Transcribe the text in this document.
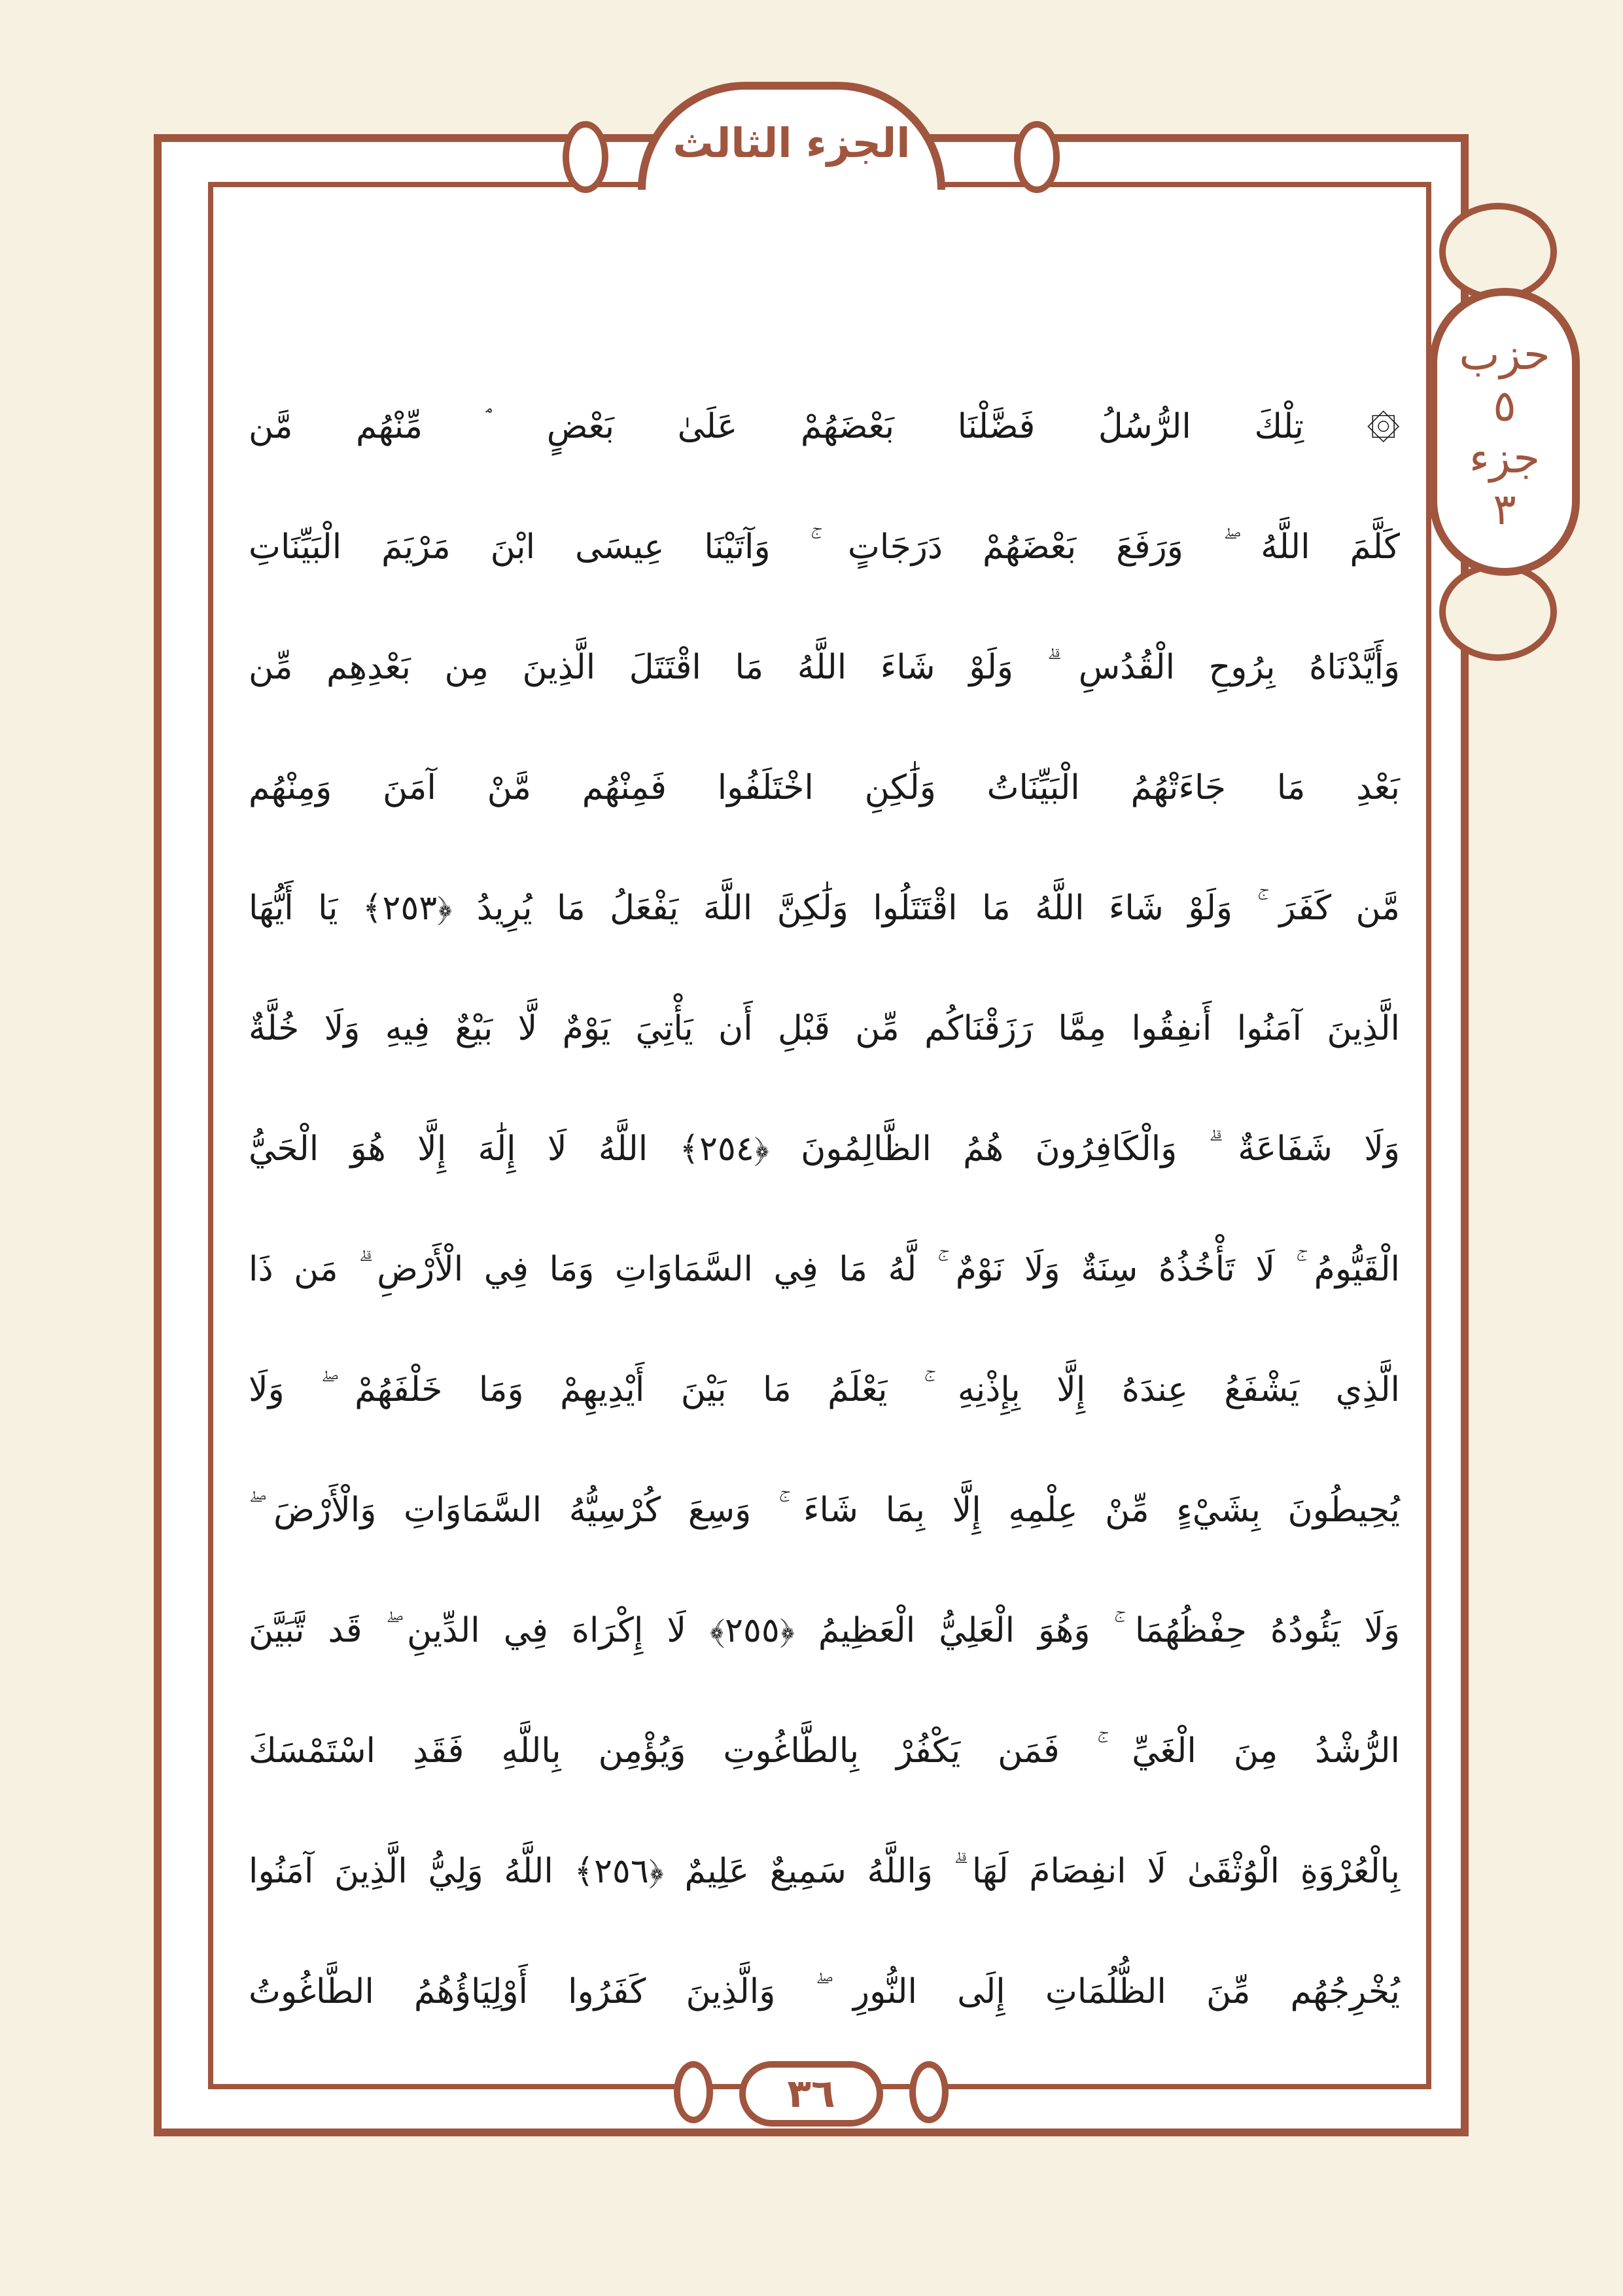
الجزء الثالث
حزب
٥
جزء
٣
۞ تِلْكَ الرُّسُلُ فَضَّلْنَا بَعْضَهُمْ عَلَىٰ بَعْضٍ ۘ مِّنْهُم مَّن
كَلَّمَ اللَّهُ ۖ وَرَفَعَ بَعْضَهُمْ دَرَجَاتٍ ۚ وَآتَيْنَا عِيسَى ابْنَ مَرْيَمَ الْبَيِّنَاتِ
وَأَيَّدْنَاهُ بِرُوحِ الْقُدُسِ ۗ وَلَوْ شَاءَ اللَّهُ مَا اقْتَتَلَ الَّذِينَ مِن بَعْدِهِم مِّن
بَعْدِ مَا جَاءَتْهُمُ الْبَيِّنَاتُ وَلَٰكِنِ اخْتَلَفُوا فَمِنْهُم مَّنْ آمَنَ وَمِنْهُم
مَّن كَفَرَ ۚ وَلَوْ شَاءَ اللَّهُ مَا اقْتَتَلُوا وَلَٰكِنَّ اللَّهَ يَفْعَلُ مَا يُرِيدُ ﴿٢٥٣﴾ يَا أَيُّهَا
الَّذِينَ آمَنُوا أَنفِقُوا مِمَّا رَزَقْنَاكُم مِّن قَبْلِ أَن يَأْتِيَ يَوْمٌ لَّا بَيْعٌ فِيهِ وَلَا خُلَّةٌ
وَلَا شَفَاعَةٌ ۗ وَالْكَافِرُونَ هُمُ الظَّالِمُونَ ﴿٢٥٤﴾ اللَّهُ لَا إِلَٰهَ إِلَّا هُوَ الْحَيُّ
الْقَيُّومُ ۚ لَا تَأْخُذُهُ سِنَةٌ وَلَا نَوْمٌ ۚ لَّهُ مَا فِي السَّمَاوَاتِ وَمَا فِي الْأَرْضِ ۗ مَن ذَا
الَّذِي يَشْفَعُ عِندَهُ إِلَّا بِإِذْنِهِ ۚ يَعْلَمُ مَا بَيْنَ أَيْدِيهِمْ وَمَا خَلْفَهُمْ ۖ وَلَا
يُحِيطُونَ بِشَيْءٍ مِّنْ عِلْمِهِ إِلَّا بِمَا شَاءَ ۚ وَسِعَ كُرْسِيُّهُ السَّمَاوَاتِ وَالْأَرْضَ ۖ
وَلَا يَئُودُهُ حِفْظُهُمَا ۚ وَهُوَ الْعَلِيُّ الْعَظِيمُ ﴿٢٥٥﴾ لَا إِكْرَاهَ فِي الدِّينِ ۖ قَد تَّبَيَّنَ
الرُّشْدُ مِنَ الْغَيِّ ۚ فَمَن يَكْفُرْ بِالطَّاغُوتِ وَيُؤْمِن بِاللَّهِ فَقَدِ اسْتَمْسَكَ
بِالْعُرْوَةِ الْوُثْقَىٰ لَا انفِصَامَ لَهَا ۗ وَاللَّهُ سَمِيعٌ عَلِيمٌ ﴿٢٥٦﴾ اللَّهُ وَلِيُّ الَّذِينَ آمَنُوا
يُخْرِجُهُم مِّنَ الظُّلُمَاتِ إِلَى النُّورِ ۖ وَالَّذِينَ كَفَرُوا أَوْلِيَاؤُهُمُ الطَّاغُوتُ
٣٦
